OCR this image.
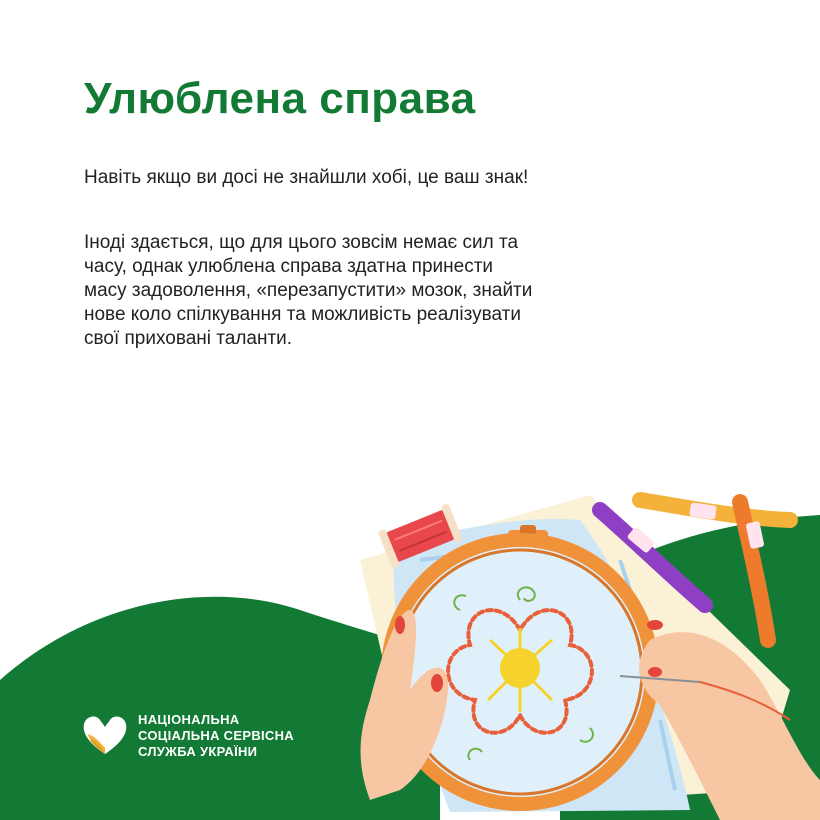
Улюблена справа

Навіть якщо ви досі не знайшли хобі, це ваш знак!

Іноді здається, що для цього зовсім немає сил та
часу, однак улюблена справа здатна принести
масу задоволення, «перезапустити» мозок, знайти
нове коло спілкування та можливість реалізувати
свої приховані таланти.

НАЦІОНАЛЬНА
СОЦІАЛЬНА СЕРВІСНА
СЛУЖБА УКРАЇНИ
